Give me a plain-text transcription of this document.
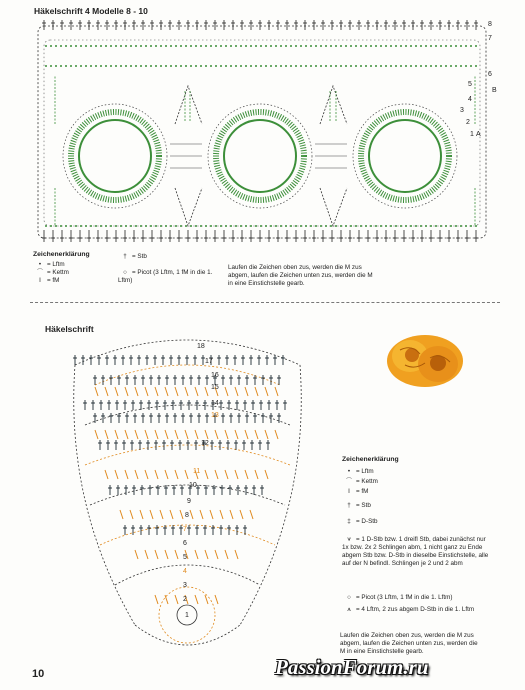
Häkelschrift 4 Modelle 8 - 10
8
7
6
5
4
3
2
1
B
A
Zeichenerklärung
• = Lftm
⌒ = Kettm
I = fM
† = Stb
○ = Picot (3 Lftm, 1 fM in die 1. Lftm)
Laufen die Zeichen oben zus, werden die M zus abgem, laufen die Zeichen unten zus, werden die M in eine Einstichstelle gearb.
Häkelschrift
18
17
16
15
14
13
12
11
10
9
8
7
6
5
4
3
2
1
Zeichenerklärung
• = Lftm
⌒ = Kettm
I = fM
† = Stb
‡ = D-Stb
⩛ = 1 D-Stb bzw. 1 dreifl Stb, dabei zunächst nur 1x bzw. 2x 2 Schlingen abm, 1 nicht ganz zu Ende abgem Stb bzw. D-Stb in dieselbe Einstichstelle, alle auf der N befindl. Schlingen je 2 und 2 abm
○ = Picot (3 Lftm, 1 fM in die 1. Lftm)
⩚ = 4 Lftm, 2 zus abgem D-Stb in die 1. Lftm
Laufen die Zeichen oben zus, werden die M zus abgem, laufen die Zeichen unten zus, werden die M in eine Einstichstelle gearb.
10	PassionForum.ru
